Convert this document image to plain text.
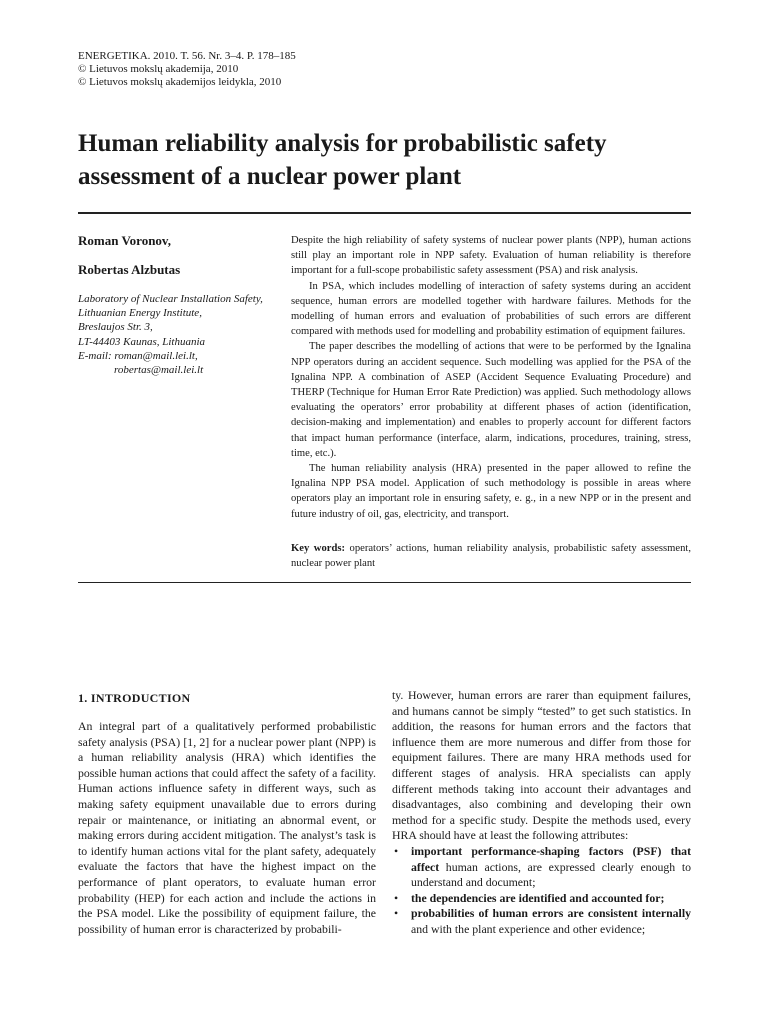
ENERGETIKA. 2010. T. 56. Nr. 3–4. P. 178–185
© Lietuvos mokslų akademija, 2010
© Lietuvos mokslų akademijos leidykla, 2010
Human reliability analysis for probabilistic safety assessment of a nuclear power plant
Roman Voronov,
Robertas Alzbutas
Laboratory of Nuclear Installation Safety,
Lithuanian Energy Institute,
Breslaujos Str. 3,
LT-44403 Kaunas, Lithuania
E-mail: roman@mail.lei.lt,
robertas@mail.lei.lt

Despite the high reliability of safety systems of nuclear power plants (NPP), human actions still play an important role in NPP safety. Evaluation of human reliability is therefore important for a full-scope probabilistic safety assessment (PSA) and risk analysis.

In PSA, which includes modelling of interaction of safety systems during an accident sequence, human errors are modelled together with hardware failures. Methods for the modelling of human errors and evaluation of probabilities of such errors are different compared with methods used for modelling and probability estimation of equipment failures.

The paper describes the modelling of actions that were to be performed by the Ignalina NPP operators during an accident sequence. Such modelling was applied for the PSA of the Ignalina NPP. A combination of ASEP (Accident Sequence Evaluating Procedure) and THERP (Technique for Human Error Rate Prediction) was applied. Such methodology allows evaluating the operators’ error probability at different phases of action (identification, decision-making and implementation) and enables to properly account for different factors that impact human performance (interface, alarm, indications, procedures, training, stress, time, etc.).

The human reliability analysis (HRA) presented in the paper allowed to refine the Ignalina NPP PSA model. Application of such methodology is possible in areas where operators play an important role in ensuring safety, e. g., in a new NPP or in the present and future industry of oil, gas, electricity, and transport.

Key words: operators’ actions, human reliability analysis, probabilistic safety assessment, nuclear power plant
1. INTRODUCTION

An integral part of a qualitatively performed probabilistic safety analysis (PSA) [1, 2] for a nuclear power plant (NPP) is a human reliability analysis (HRA) which identifies the possible human actions that could affect the safety of a facility. Human actions influence safety in different ways, such as making safety equipment unavailable due to errors during repair or maintenance, or initiating an abnormal event, or making errors during accident mitigation. The analyst’s task is to identify human actions vital for the plant safety, adequately evaluate the factors that have the highest impact on the performance of plant operators, to evaluate human error probability (HEP) for each action and include the actions in the PSA model. Like the possibility of equipment failure, the possibility of human error is characterized by probabili-

ty. However, human errors are rarer than equipment failures, and humans cannot be simply “tested” to get such statistics. In addition, the reasons for human errors and the factors that influence them are more numerous and differ from those for equipment failures. There are many HRA methods used for different stages of analysis. HRA specialists can apply different methods taking into account their advantages and disadvantages, also combining and developing their own method for a specific study. Despite the methods used, every HRA should have at least the following attributes:

• important performance-shaping factors (PSF) that affect human actions, are expressed clearly enough to understand and document;
• the dependencies are identified and accounted for;
• probabilities of human errors are consistent internally and with the plant experience and other evidence;
